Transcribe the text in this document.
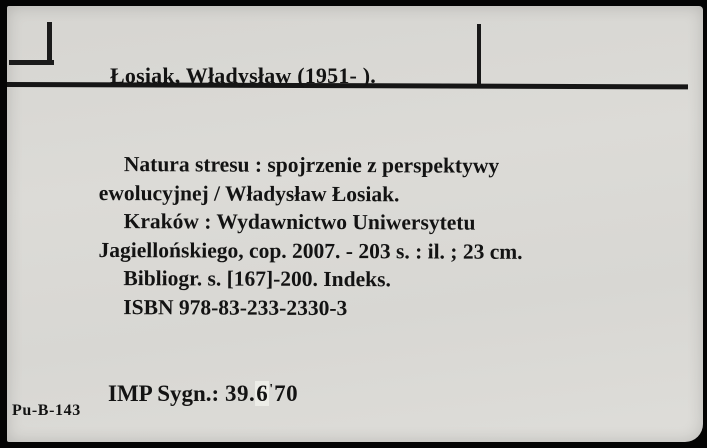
Łosiak, Władysław (1951- ).
Natura stresu : spojrzenie z perspektywy
ewolucyjnej / Władysław Łosiak.
Kraków : Wydawnictwo Uniwersytetu
Jagiellońskiego, cop. 2007. - 203 s. : il. ; 23 cm.
Bibliogr. s. [167]-200. Indeks.
ISBN 978-83-233-2330-3
IMP Sygn.: 39.6'70
Pu-B-143
